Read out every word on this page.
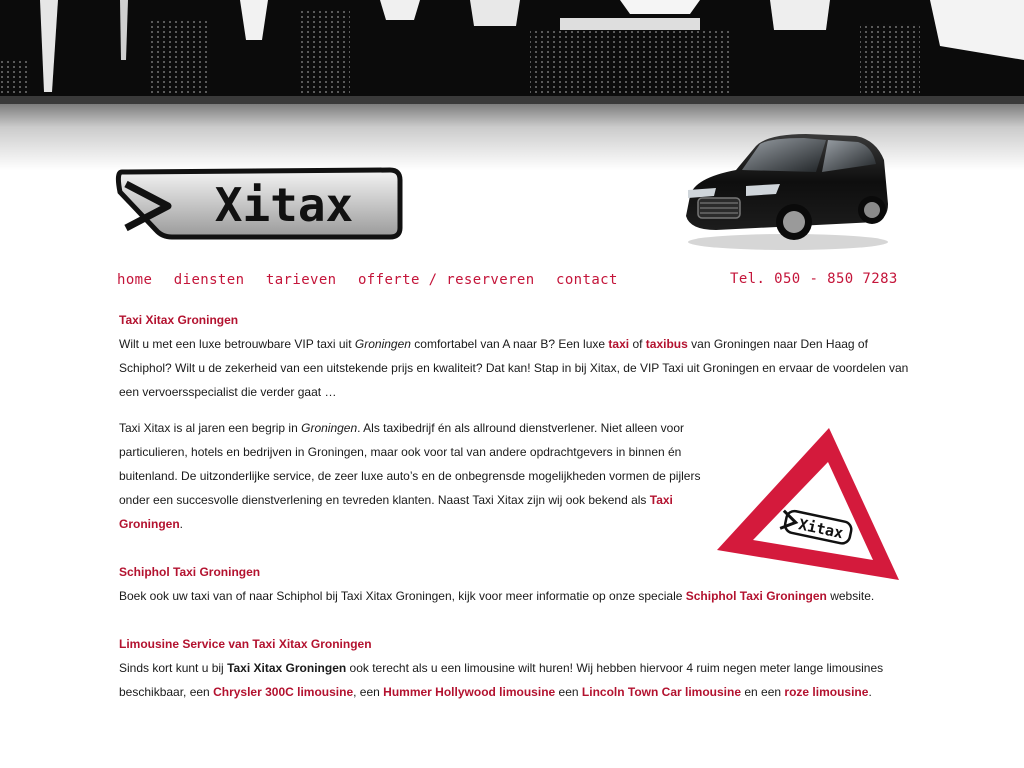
Xitax
home diensten tarieven offerte / reserveren contact	Tel. 050 - 850 7283
Taxi Xitax Groningen

Wilt u met een luxe betrouwbare VIP taxi uit Groningen comfortabel van A naar B? Een luxe taxi of taxibus van Groningen naar Den Haag of Schiphol? Wilt u de zekerheid van een uitstekende prijs en kwaliteit? Dat kan! Stap in bij Xitax, de VIP Taxi uit Groningen en ervaar de voordelen van een vervoersspecialist die verder gaat …

Taxi Xitax is al jaren een begrip in Groningen. Als taxibedrijf én als allround dienstverlener. Niet alleen voor particulieren, hotels en bedrijven in Groningen, maar ook voor tal van andere opdrachtgevers in binnen én buitenland. De uitzonderlijke service, de zeer luxe auto’s en de onbegrensde mogelijkheden vormen de pijlers onder een succesvolle dienstverlening en tevreden klanten. Naast Taxi Xitax zijn wij ook bekend als Taxi Groningen.

Schiphol Taxi Groningen

Boek ook uw taxi van of naar Schiphol bij Taxi Xitax Groningen, kijk voor meer informatie op onze speciale Schiphol Taxi Groningen website.

Limousine Service van Taxi Xitax Groningen

Sinds kort kunt u bij Taxi Xitax Groningen ook terecht als u een limousine wilt huren! Wij hebben hiervoor 4 ruim negen meter lange limousines beschikbaar, een Chrysler 300C limousine, een Hummer Hollywood limousine een Lincoln Town Car limousine en een roze limousine.

Xitax
